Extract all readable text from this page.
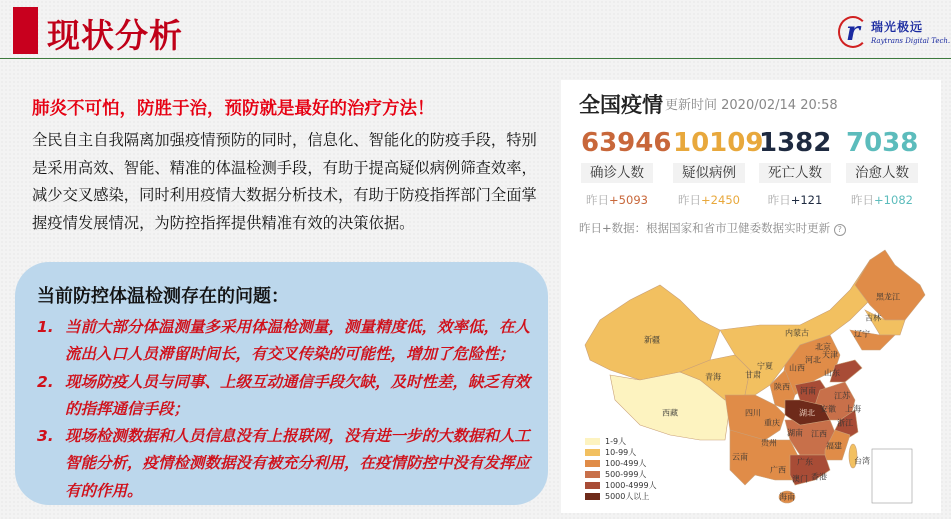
现状分析	r 瑞光极远
Raytrans Digital Tech.
肺炎不可怕，防胜于治，预防就是最好的治疗方法！
全民自主自我隔离加强疫情预防的同时，信息化、智能化的防疫手段，特别是采用高效、智能、精准的体温检测手段，有助于提高疑似病例筛查效率，减少交叉感染，同时利用疫情大数据分析技术，有助于防疫指挥部门全面掌握疫情发展情况，为防控指挥提供精准有效的决策依据。
当前防控体温检测存在的问题：
1. 当前大部分体温测量多采用体温枪测量，测量精度低，效率低，在人流出入口人员滞留时间长，有交叉传染的可能性，增加了危险性；
2. 现场防疫人员与同事、上级互动通信手段欠缺，及时性差，缺乏有效的指挥通信手段；
3. 现场检测数据和人员信息没有上报联网，没有进一步的大数据和人工智能分析，疫情检测数据没有被充分利用，在疫情防控中没有发挥应有的作用。
全国疫情 更新时间 2020/02/14 20:58
63946
确诊人数
昨日+5093
10109
疑似病例
昨日+2450
1382
死亡人数
昨日+121
7038
治愈人数
昨日+1082
昨日+数据：根据国家和省市卫健委数据实时更新 ?
新疆
西藏
青海	甘肃
宁夏
内蒙古
黑龙江
吉林
辽宁
北京
天津
河北
山西
山东
陕西 河南
江苏
安徽 上海
湖北
四川
重庆	浙江
湖南 江西
贵州	福建
云南	台湾
广西
广东
香港
澳门
海南
1-9人
10-99人
100-499人
500-999人
1000-4999人
5000人以上
